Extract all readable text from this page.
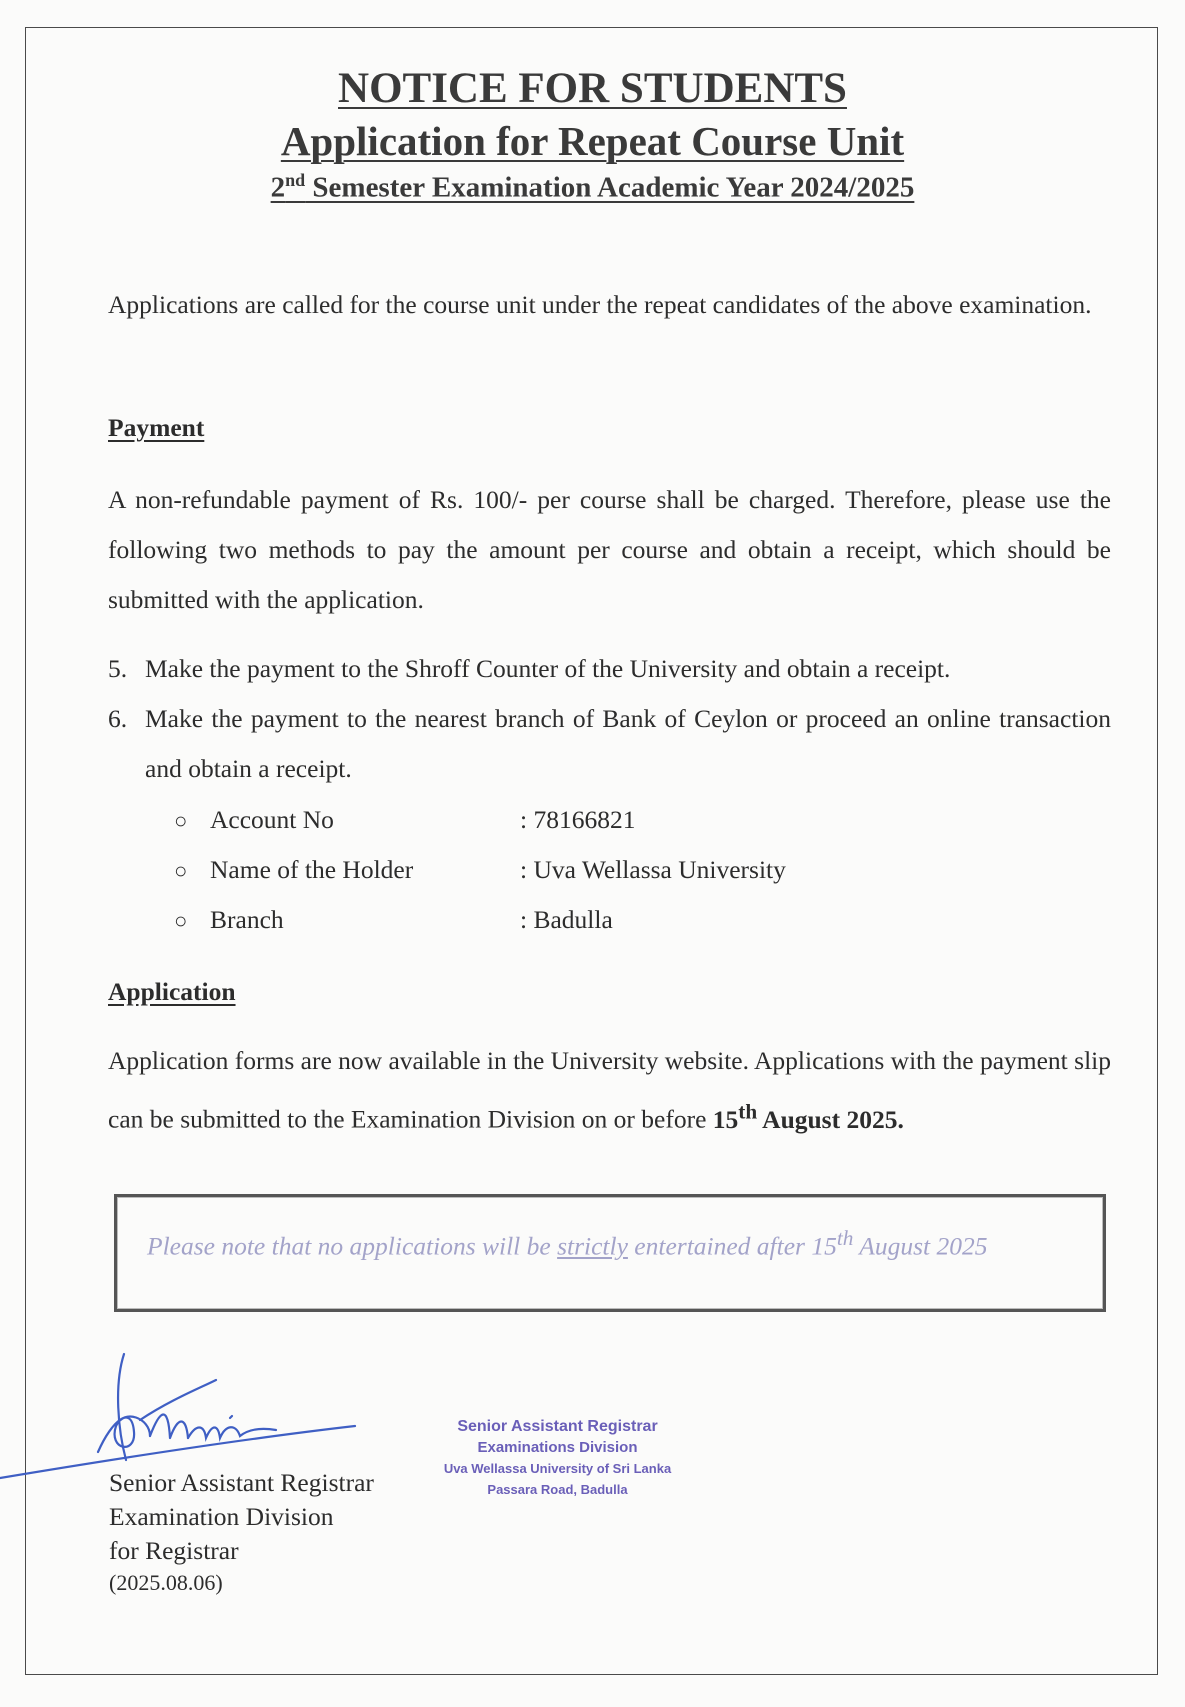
NOTICE FOR STUDENTS
Application for Repeat Course Unit
2nd Semester Examination Academic Year 2024/2025
Applications are called for the course unit under the repeat candidates of the above examination.
Payment
A non-refundable payment of Rs. 100/- per course shall be charged. Therefore, please use the following two methods to pay the amount per course and obtain a receipt, which should be submitted with the application.
5. Make the payment to the Shroff Counter of the University and obtain a receipt.
6. Make the payment to the nearest branch of Bank of Ceylon or proceed an online transaction and obtain a receipt.
○ Account No	: 78166821
○ Name of the Holder	: Uva Wellassa University
○ Branch	: Badulla
Application
Application forms are now available in the University website. Applications with the payment slip can be submitted to the Examination Division on or before 15th August 2025.
Please note that no applications will be strictly entertained after 15th August 2025
Senior Assistant Registrar
Examination Division
for Registrar
(2025.08.06)
Senior Assistant Registrar
Examinations Division
Uva Wellassa University of Sri Lanka
Passara Road, Badulla
